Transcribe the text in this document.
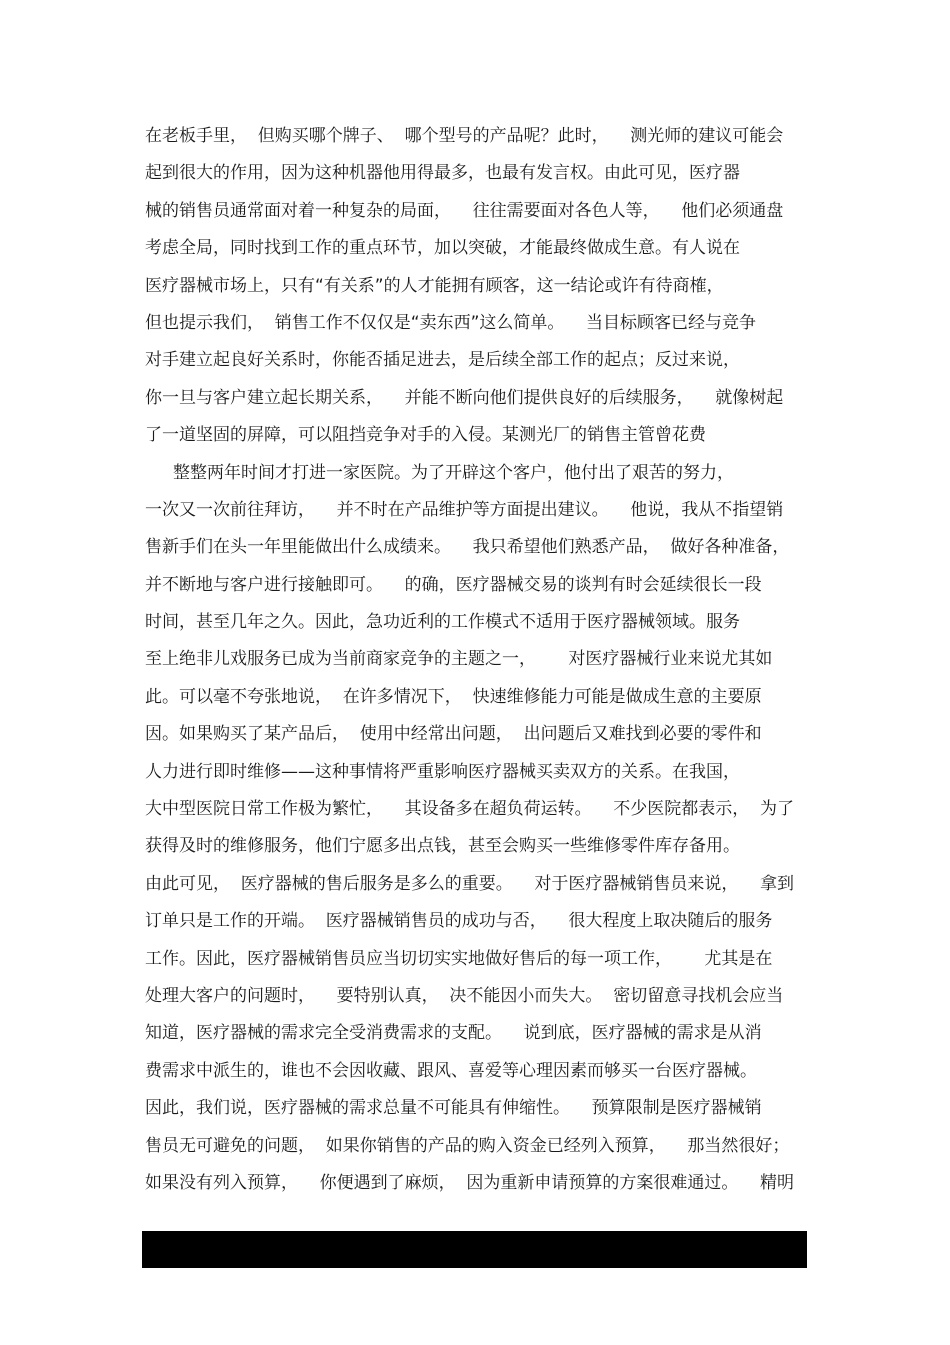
在老板手里，  但购买哪个牌子、  哪个型号的产品呢？此时，    测光师的建议可能会
起到很大的作用，因为这种机器他用得最多，也最有发言权。由此可见，医疗器
械的销售员通常面对着一种复杂的局面，    往往需要面对各色人等，    他们必须通盘
考虑全局，同时找到工作的重点环节，加以突破，才能最终做成生意。有人说在
医疗器械市场上，只有“有关系”的人才能拥有顾客，这一结论或许有待商榷，
但也提示我们，  销售工作不仅仅是“卖东西”这么简单。    当目标顾客已经与竞争
对手建立起良好关系时，你能否插足进去，是后续全部工作的起点；反过来说，
你一旦与客户建立起长期关系，    并能不断向他们提供良好的后续服务，    就像树起
了一道坚固的屏障，可以阻挡竞争对手的入侵。某测光厂的销售主管曾花费
整整两年时间才打进一家医院。为了开辟这个客户，他付出了艰苦的努力，
一次又一次前往拜访，    并不时在产品维护等方面提出建议。    他说，我从不指望销
售新手们在头一年里能做出什么成绩来。    我只希望他们熟悉产品，  做好各种准备，
并不断地与客户进行接触即可。    的确，医疗器械交易的谈判有时会延续很长一段
时间，甚至几年之久。因此，急功近利的工作模式不适用于医疗器械领域。服务
至上绝非儿戏服务已成为当前商家竞争的主题之一，      对医疗器械行业来说尤其如
此。可以毫不夸张地说，  在许多情况下，  快速维修能力可能是做成生意的主要原
因。如果购买了某产品后，  使用中经常出问题，  出问题后又难找到必要的零件和
人力进行即时维修——这种事情将严重影响医疗器械买卖双方的关系。在我国，
大中型医院日常工作极为繁忙，    其设备多在超负荷运转。    不少医院都表示，  为了
获得及时的维修服务，他们宁愿多出点钱，甚至会购买一些维修零件库存备用。
由此可见，  医疗器械的售后服务是多么的重要。    对于医疗器械销售员来说，    拿到
订单只是工作的开端。  医疗器械销售员的成功与否，    很大程度上取决随后的服务
工作。因此，医疗器械销售员应当切切实实地做好售后的每一项工作，      尤其是在
处理大客户的问题时，    要特别认真，  决不能因小而失大。  密切留意寻找机会应当
知道，医疗器械的需求完全受消费需求的支配。    说到底，医疗器械的需求是从消
费需求中派生的，谁也不会因收藏、跟风、喜爱等心理因素而够买一台医疗器械。
因此，我们说，医疗器械的需求总量不可能具有伸缩性。    预算限制是医疗器械销
售员无可避免的问题，  如果你销售的产品的购入资金已经列入预算，    那当然很好；
如果没有列入预算，    你便遇到了麻烦，  因为重新申请预算的方案很难通过。    精明
